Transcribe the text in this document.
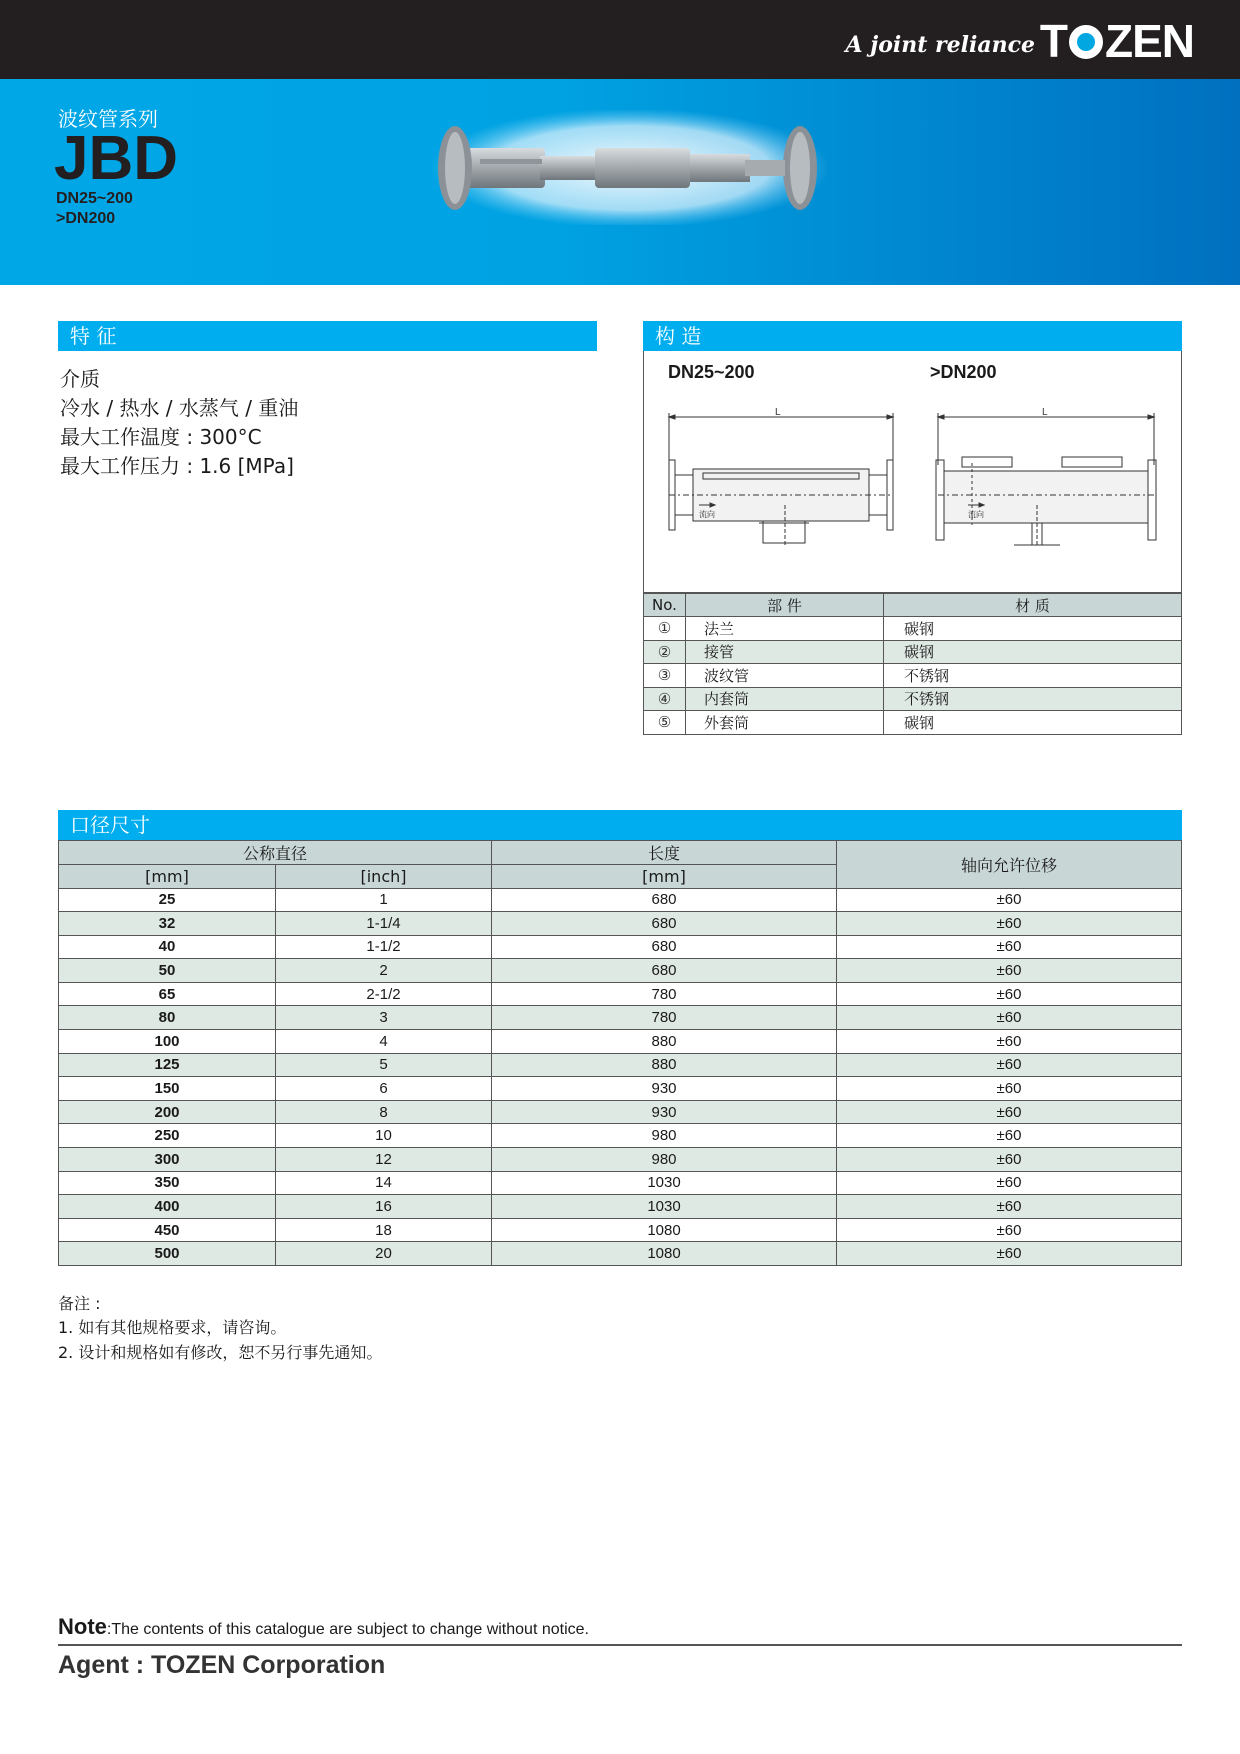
A joint reliance T ZEN
波纹管系列
JBD
DN25~200
>DN200
特 征
介质
冷水 / 热水 / 水蒸气 / 重油
最大工作温度 : 300°C
最大工作压力 : 1.6 [MPa]
构 造
DN25~200	>DN200
L
流向
L
流向
No.	部 件	材 质
①	法兰	碳钢
②	接管	碳钢
③	波纹管	不锈钢
④	内套筒	不锈钢
⑤	外套筒	碳钢
口径尺寸
公称直径		长度	轴向允许位移
[mm]	[inch]	[mm]	
25	1	680	±60
32	1-1/4	680	±60
40	1-1/2	680	±60
50	2	680	±60
65	2-1/2	780	±60
80	3	780	±60
100	4	880	±60
125	5	880	±60
150	6	930	±60
200	8	930	±60
250	10	980	±60
300	12	980	±60
350	14	1030	±60
400	16	1030	±60
450	18	1080	±60
500	20	1080	±60
备注 :
1. 如有其他规格要求，请咨询。
2. 设计和规格如有修改，恕不另行事先通知。
Note:The contents of this catalogue are subject to change without notice.
Agent : TOZEN Corporation
